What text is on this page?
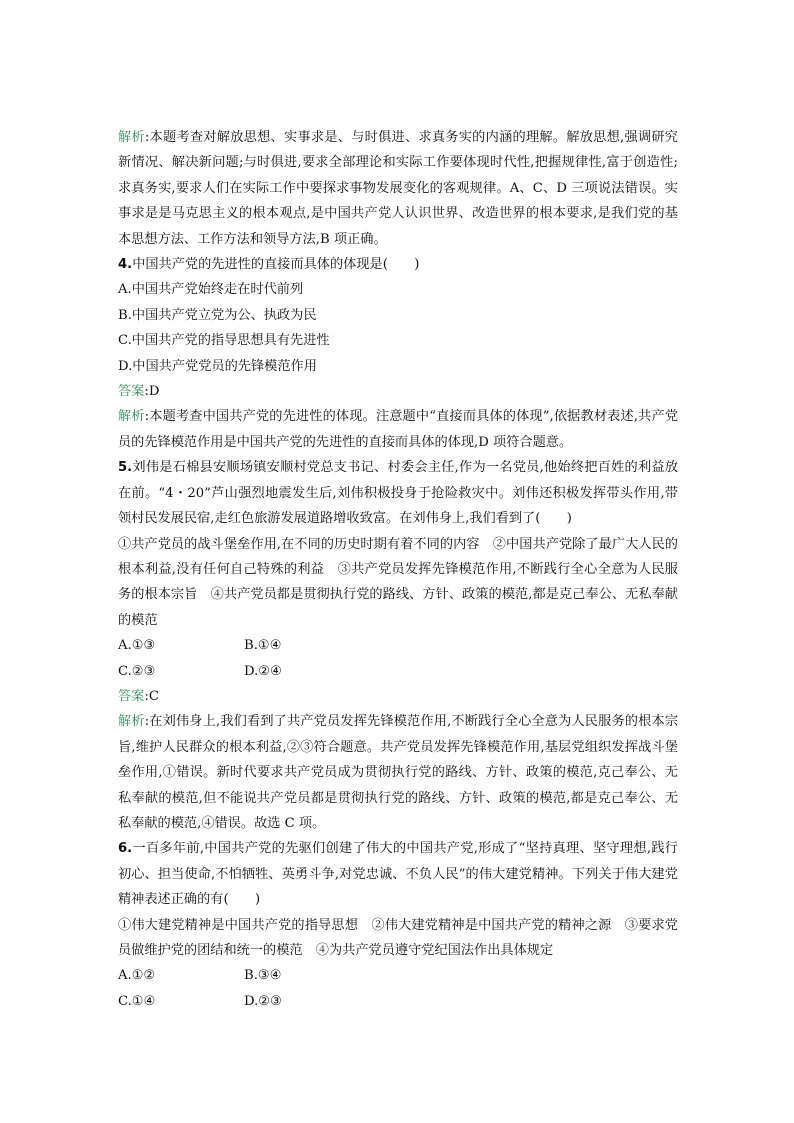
解析:本题考查对解放思想、实事求是、与时俱进、求真务实的内涵的理解。解放思想,强调研究新情况、解决新问题;与时俱进,要求全部理论和实际工作要体现时代性,把握规律性,富于创造性;求真务实,要求人们在实际工作中要探求事物发展变化的客观规律。A、C、D 三项说法错误。实事求是是马克思主义的根本观点,是中国共产党人认识世界、改造世界的根本要求,是我们党的基本思想方法、工作方法和领导方法,B 项正确。

4.中国共产党的先进性的直接而具体的体现是(　　)

A.中国共产党始终走在时代前列

B.中国共产党立党为公、执政为民

C.中国共产党的指导思想具有先进性

D.中国共产党党员的先锋模范作用

答案:D

解析:本题考查中国共产党的先进性的体现。注意题中“直接而具体的体现”,依据教材表述,共产党员的先锋模范作用是中国共产党的先进性的直接而具体的体现,D 项符合题意。

5.刘伟是石棉县安顺场镇安顺村党总支书记、村委会主任,作为一名党员,他始终把百姓的利益放在前。“4・20”芦山强烈地震发生后,刘伟积极投身于抢险救灾中。刘伟还积极发挥带头作用,带领村民发展民宿,走红色旅游发展道路增收致富。在刘伟身上,我们看到了(　　)

①共产党员的战斗堡垒作用,在不同的历史时期有着不同的内容　②中国共产党除了最广大人民的根本利益,没有任何自己特殊的利益　③共产党员发挥先锋模范作用,不断践行全心全意为人民服务的根本宗旨　④共产党员都是贯彻执行党的路线、方针、政策的模范,都是克己奉公、无私奉献的模范

A.①③	B.①④
C.②③	D.②④

答案:C

解析:在刘伟身上,我们看到了共产党员发挥先锋模范作用,不断践行全心全意为人民服务的根本宗旨,维护人民群众的根本利益,②③符合题意。共产党员发挥先锋模范作用,基层党组织发挥战斗堡垒作用,①错误。新时代要求共产党员成为贯彻执行党的路线、方针、政策的模范,克己奉公、无私奉献的模范,但不能说共产党员都是贯彻执行党的路线、方针、政策的模范,都是克己奉公、无私奉献的模范,④错误。故选 C 项。

6.一百多年前,中国共产党的先驱们创建了伟大的中国共产党,形成了“坚持真理、坚守理想,践行初心、担当使命,不怕牺牲、英勇斗争,对党忠诚、不负人民”的伟大建党精神。下列关于伟大建党精神表述正确的有(　　)

①伟大建党精神是中国共产党的指导思想　②伟大建党精神是中国共产党的精神之源　③要求党员做维护党的团结和统一的模范　④为共产党员遵守党纪国法作出具体规定

A.①②	B.③④
C.①④	D.②③
